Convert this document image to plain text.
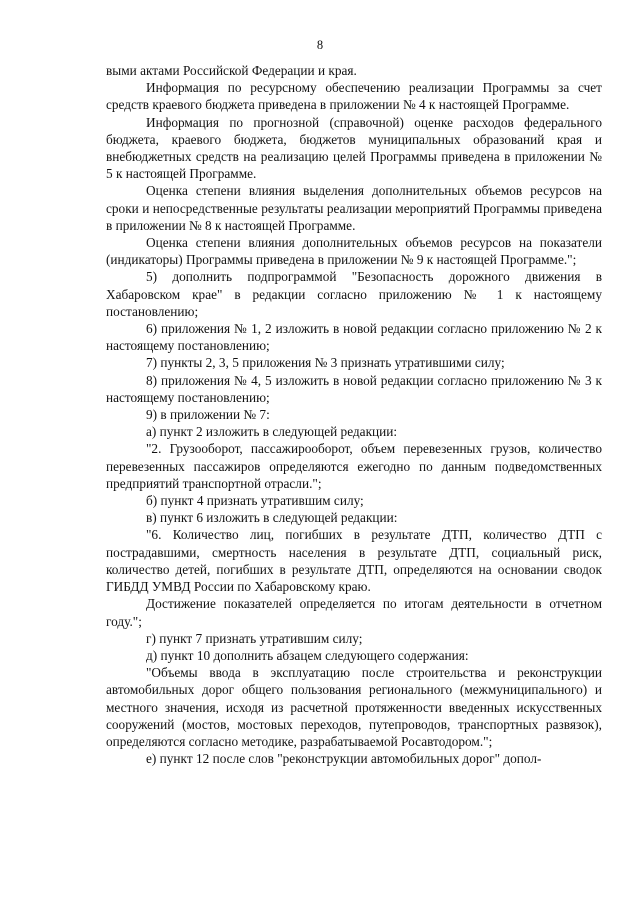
8

выми актами Российской Федерации и края.

Информация по ресурсному обеспечению реализации Программы за счет средств краевого бюджета приведена в приложении № 4 к настоящей Программе.

Информация по прогнозной (справочной) оценке расходов федерального бюджета, краевого бюджета, бюджетов муниципальных образований края и внебюджетных средств на реализацию целей Программы приведена в приложении № 5 к настоящей Программе.

Оценка степени влияния выделения дополнительных объемов ресурсов на сроки и непосредственные результаты реализации мероприятий Программы приведена в приложении № 8 к настоящей Программе.

Оценка степени влияния дополнительных объемов ресурсов на показатели (индикаторы) Программы приведена в приложении № 9 к настоящей Программе.";

5) дополнить подпрограммой "Безопасность дорожного движения в Хабаровском крае" в редакции согласно приложению № 1 к настоящему постановлению;

6) приложения № 1, 2 изложить в новой редакции согласно приложению № 2 к настоящему постановлению;

7) пункты 2, 3, 5 приложения № 3 признать утратившими силу;

8) приложения № 4, 5 изложить в новой редакции согласно приложению № 3 к настоящему постановлению;

9) в приложении № 7:

а) пункт 2 изложить в следующей редакции:

"2. Грузооборот, пассажирооборот, объем перевезенных грузов, количество перевезенных пассажиров определяются ежегодно по данным подведомственных предприятий транспортной отрасли.";

б) пункт 4 признать утратившим силу;

в) пункт 6 изложить в следующей редакции:

"6. Количество лиц, погибших в результате ДТП, количество ДТП с пострадавшими, смертность населения в результате ДТП, социальный риск, количество детей, погибших в результате ДТП, определяются на основании сводок ГИБДД УМВД России по Хабаровскому краю.

Достижение показателей определяется по итогам деятельности в отчетном году.";

г) пункт 7 признать утратившим силу;

д) пункт 10 дополнить абзацем следующего содержания:

"Объемы ввода в эксплуатацию после строительства и реконструкции автомобильных дорог общего пользования регионального (межмуниципального) и местного значения, исходя из расчетной протяженности введенных искусственных сооружений (мостов, мостовых переходов, путепроводов, транспортных развязок), определяются согласно методике, разрабатываемой Росавтодором.";

е) пункт 12 после слов "реконструкции автомобильных дорог" допол-
